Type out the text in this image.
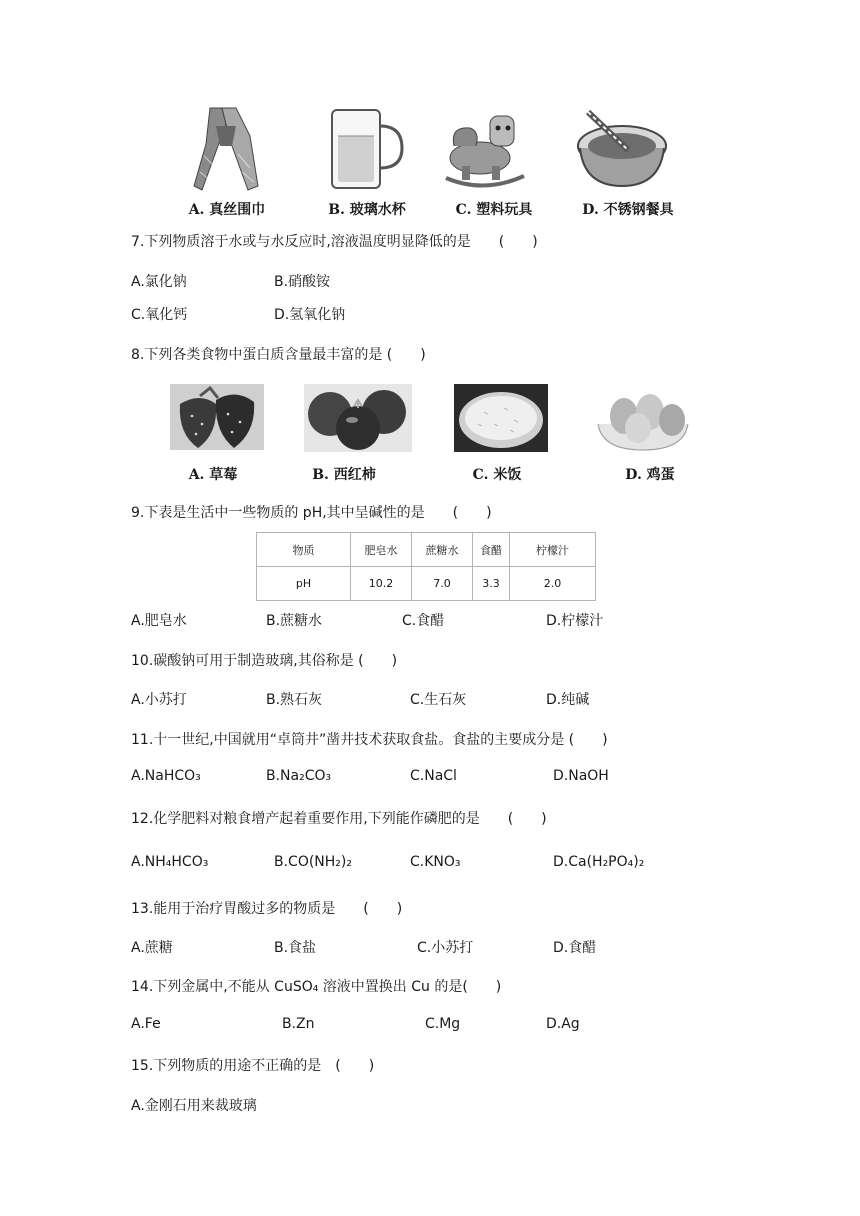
A. 真丝围巾	B. 玻璃水杯	C. 塑料玩具	D. 不锈钢餐具
7.下列物质溶于水或与水反应时,溶液温度明显降低的是　　(　　)
A.氯化钠	B.硝酸铵
C.氧化钙	D.氢氧化钠
8.下列各类食物中蛋白质含量最丰富的是 (　　)
A. 草莓	B. 西红柿	C. 米饭	D. 鸡蛋
9.下表是生活中一些物质的 pH,其中呈碱性的是　　(　　)
物质	肥皂水	蔗糖水	食醋	柠檬汁
pH	10.2	7.0	3.3	2.0
A.肥皂水	B.蔗糖水	C.食醋	D.柠檬汁
10.碳酸钠可用于制造玻璃,其俗称是 (　　)
A.小苏打	B.熟石灰	C.生石灰	D.纯碱
11.十一世纪,中国就用“卓筒井”凿井技术获取食盐。食盐的主要成分是 (　　)
A.NaHCO₃	B.Na₂CO₃	C.NaCl	D.NaOH
12.化学肥料对粮食增产起着重要作用,下列能作磷肥的是　　(　　)
A.NH₄HCO₃	B.CO(NH₂)₂	C.KNO₃	D.Ca(H₂PO₄)₂
13.能用于治疗胃酸过多的物质是　　(　　)
A.蔗糖	B.食盐	C.小苏打	D.食醋
14.下列金属中,不能从 CuSO₄ 溶液中置换出 Cu 的是(　　)
A.Fe	B.Zn	C.Mg	D.Ag
15.下列物质的用途不正确的是　(　　)
A.金刚石用来裁玻璃
